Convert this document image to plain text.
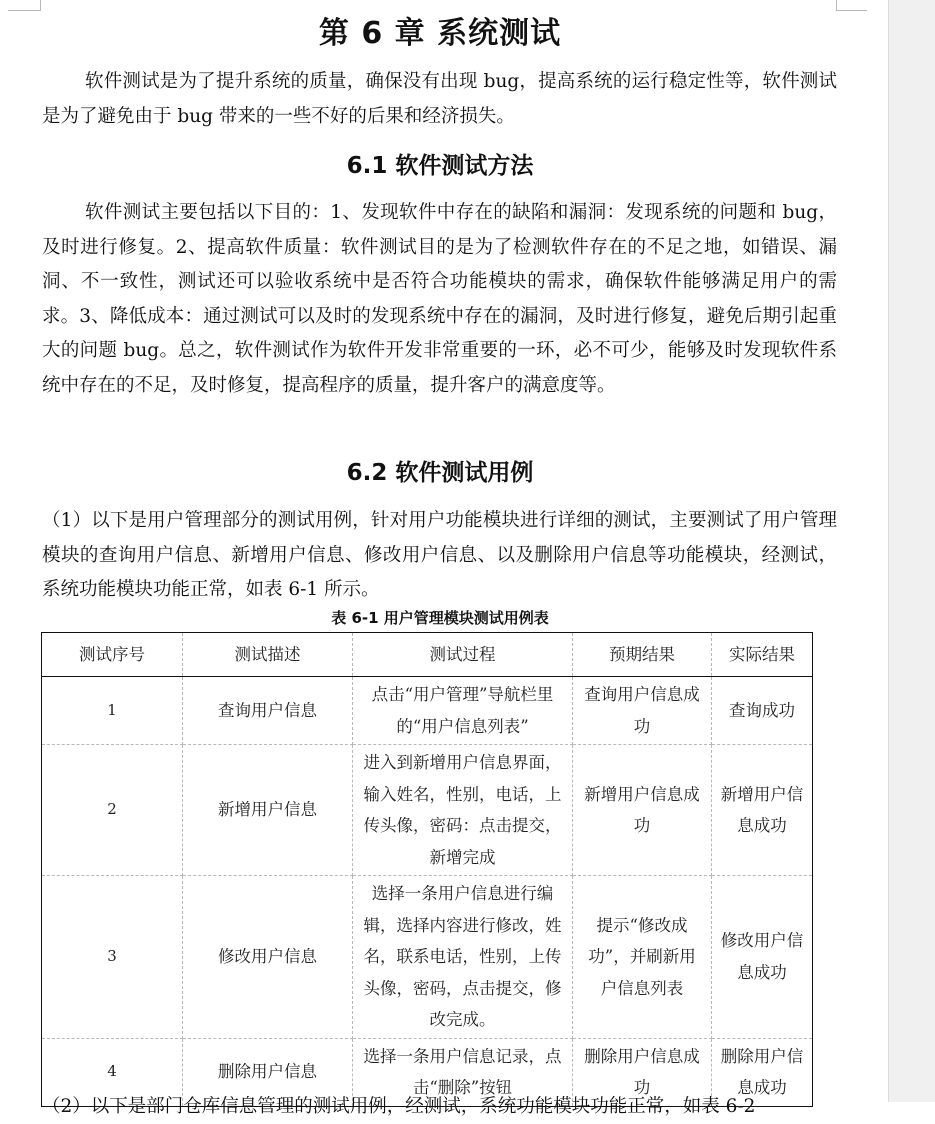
第 6 章 系统测试

软件测试是为了提升系统的质量，确保没有出现 bug，提高系统的运行稳定性等，软件测试是为了避免由于 bug 带来的一些不好的后果和经济损失。

6.1 软件测试方法

软件测试主要包括以下目的：1、发现软件中存在的缺陷和漏洞：发现系统的问题和 bug，及时进行修复。2、提高软件质量：软件测试目的是为了检测软件存在的不足之地，如错误、漏洞、不一致性，测试还可以验收系统中是否符合功能模块的需求，确保软件能够满足用户的需求。3、降低成本：通过测试可以及时的发现系统中存在的漏洞，及时进行修复，避免后期引起重大的问题 bug。总之，软件测试作为软件开发非常重要的一环，必不可少，能够及时发现软件系统中存在的不足，及时修复，提高程序的质量，提升客户的满意度等。

6.2 软件测试用例

（1）以下是用户管理部分的测试用例，针对用户功能模块进行详细的测试，主要测试了用户管理模块的查询用户信息、新增用户信息、修改用户信息、以及删除用户信息等功能模块，经测试，系统功能模块功能正常，如表 6-1 所示。

表 6-1 用户管理模块测试用例表
测试序号	测试描述	测试过程	预期结果	实际结果
1	查询用户信息	点击“用户管理”导航栏里的“用户信息列表”	查询用户信息成功	查询成功
2	新增用户信息	进入到新增用户信息界面，输入姓名，性别，电话，上传头像，密码：点击提交，新增完成	新增用户信息成功	新增用户信息成功
3	修改用户信息	选择一条用户信息进行编辑，选择内容进行修改，姓名，联系电话，性别，上传头像，密码，点击提交，修改完成。	提示“修改成功”，并刷新用户信息列表	修改用户信息成功
4	删除用户信息	选择一条用户信息记录，点击“删除”按钮	删除用户信息成功	删除用户信息成功
（2）以下是部门仓库信息管理的测试用例，经测试，系统功能模块功能正常，如表 6-2
